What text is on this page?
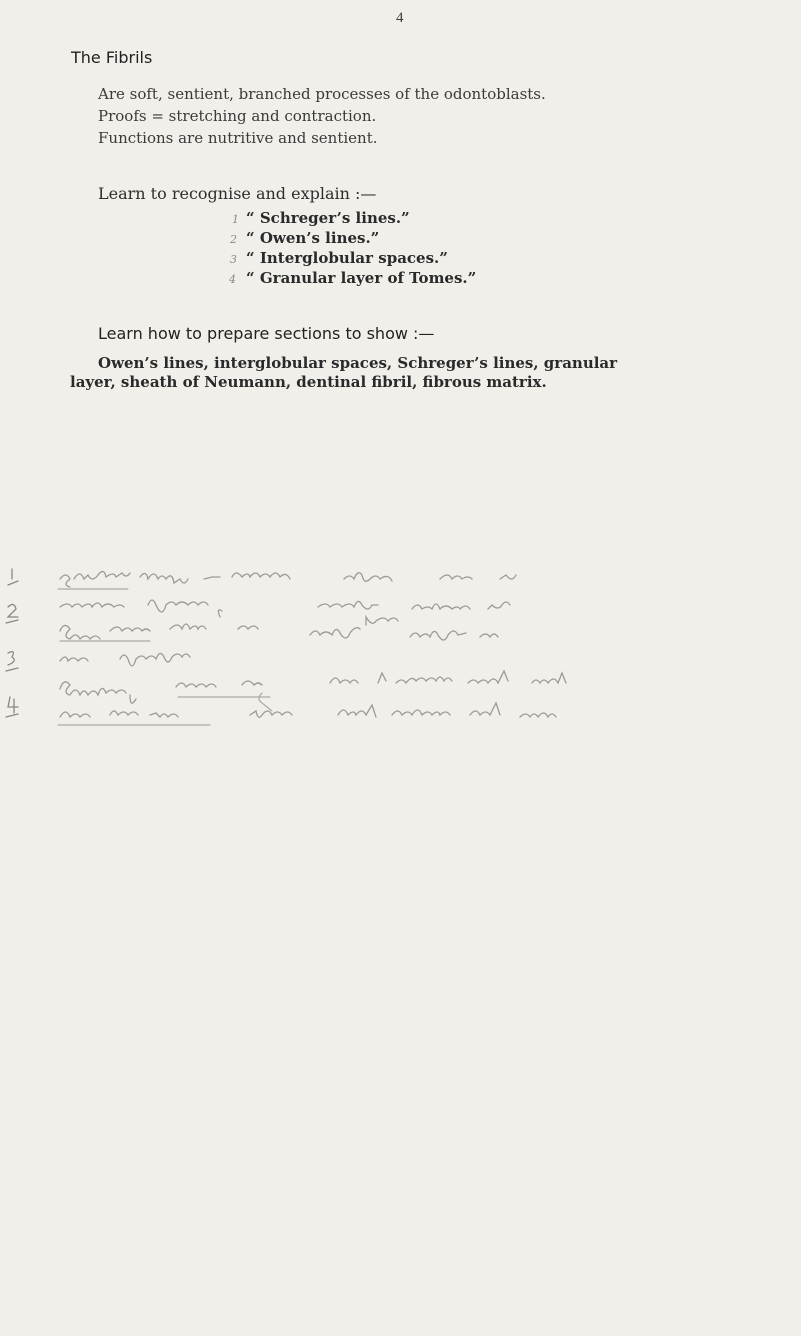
4
The Fibrils
Are soft, sentient, branched processes of the odontoblasts.
Proofs = stretching and contraction.
Functions are nutritive and sentient.
Learn to recognise and explain :—
1 “ Schreger’s lines.”
2 “ Owen’s lines.”
3 “ Interglobular spaces.”
4 “ Granular layer of Tomes.”
Learn how to prepare sections to show :—
Owen’s lines, interglobular spaces, Schreger’s lines, granular
layer, sheath of Neumann, dentinal fibril, fibrous matrix.
